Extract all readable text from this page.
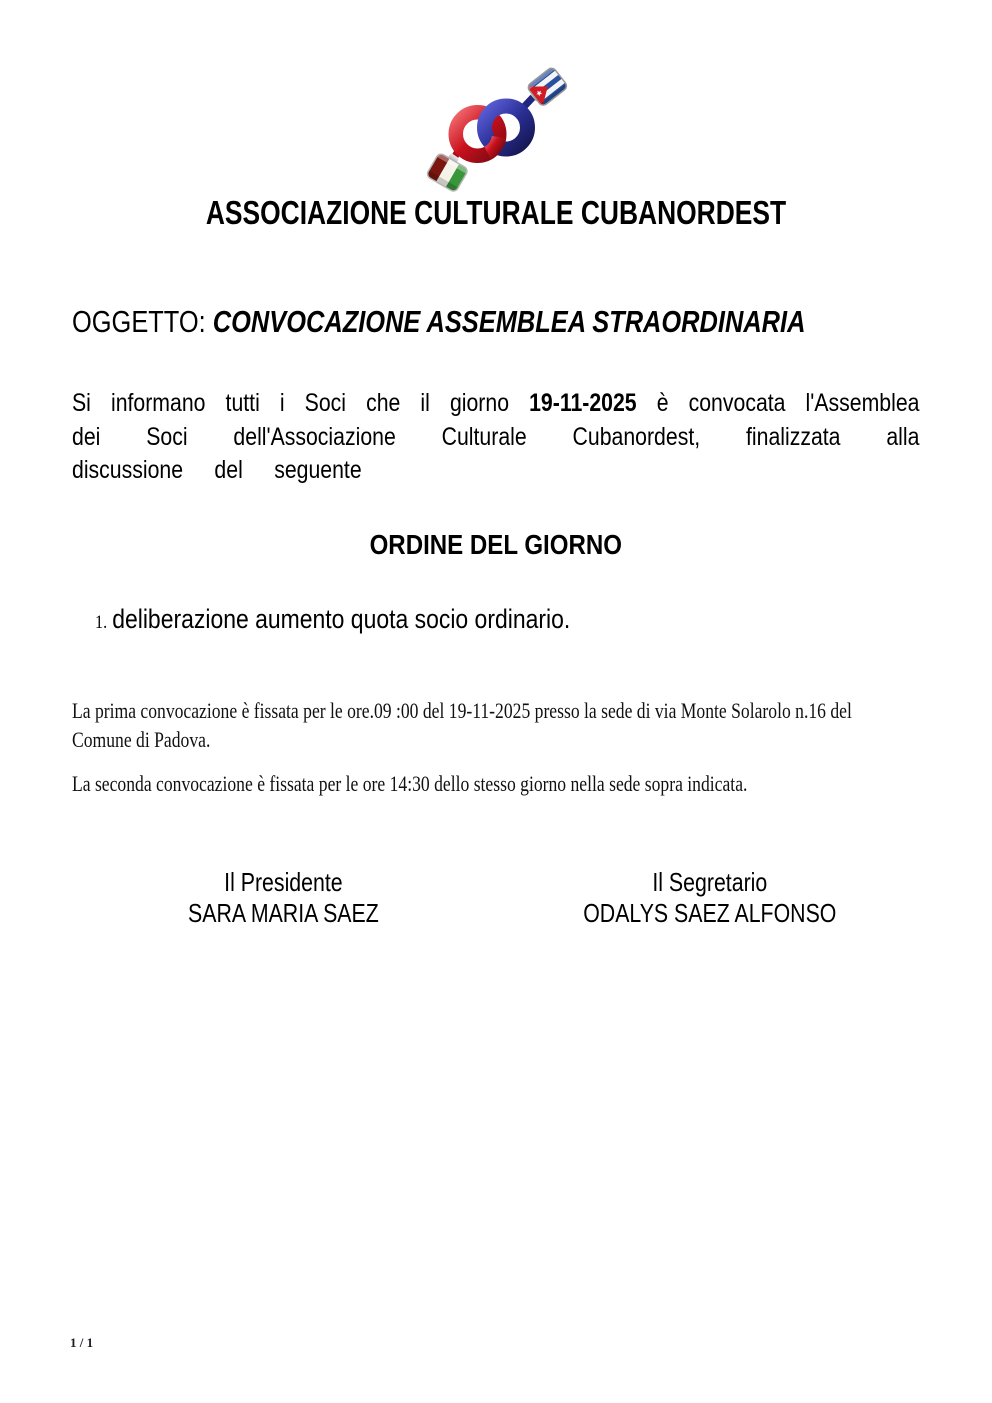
ASSOCIAZIONE CULTURALE CUBANORDEST

OGGETTO: CONVOCAZIONE ASSEMBLEA STRAORDINARIA

Si informano tutti i Soci che il giorno 19-11-2025 è convocata l'Assemblea
dei Soci dell'Associazione Culturale Cubanordest, finalizzata alla
discussione del seguente
ORDINE DEL GIORNO
1. deliberazione aumento quota socio ordinario.

La prima convocazione è fissata per le ore.09 :00 del 19-11-2025 presso la sede di via Monte Solarolo n.16 del Comune di Padova.

La seconda convocazione è fissata per le ore 14:30 dello stesso giorno nella sede sopra indicata.

Il Presidente
SARA MARIA SAEZ
Il Segretario
ODALYS SAEZ ALFONSO
1 / 1
